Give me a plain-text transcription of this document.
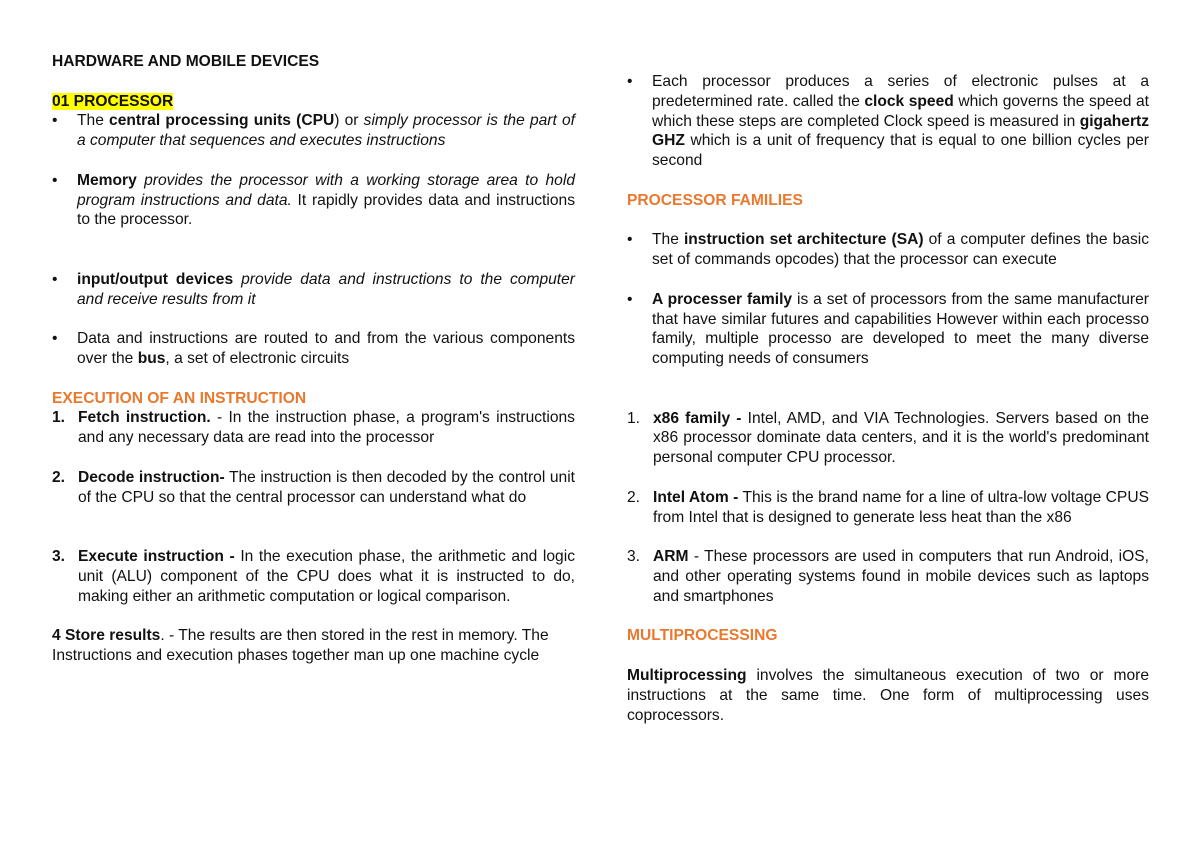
HARDWARE AND MOBILE DEVICES

01 PROCESSOR

• The central processing units (CPU) or simply processor is the part of a computer that sequences and executes instructions

• Memory provides the processor with a working storage area to hold program instructions and data. It rapidly provides data and instructions to the processor.

• input/output devices provide data and instructions to the computer and receive results from it

• Data and instructions are routed to and from the various components over the bus, a set of electronic circuits

EXECUTION OF AN INSTRUCTION

1. Fetch instruction. - In the instruction phase, a program's instructions and any necessary data are read into the processor

2. Decode instruction- The instruction is then decoded by the control unit of the CPU so that the central processor can understand what do

3. Execute instruction - In the execution phase, the arithmetic and logic unit (ALU) component of the CPU does what it is instructed to do, making either an arithmetic computation or logical comparison.

4 Store results. - The results are then stored in the rest in memory. The Instructions and execution phases together man up one machine cycle

• Each processor produces a series of electronic pulses at a predetermined rate. called the clock speed which governs the speed at which these steps are completed Clock speed is measured in gigahertz GHZ which is a unit of frequency that is equal to one billion cycles per second

PROCESSOR FAMILIES

• The instruction set architecture (SA) of a computer defines the basic set of commands opcodes) that the processor can execute

• A processer family is a set of processors from the same manufacturer that have similar futures and capabilities However within each processo family, multiple processo are developed to meet the many diverse computing needs of consumers

1. x86 family - Intel, AMD, and VIA Technologies. Servers based on the x86 processor dominate data centers, and it is the world's predominant personal computer CPU processor.

2. Intel Atom - This is the brand name for a line of ultra-low voltage CPUS from Intel that is designed to generate less heat than the x86

3. ARM - These processors are used in computers that run Android, iOS, and other operating systems found in mobile devices such as laptops and smartphones

MULTIPROCESSING

Multiprocessing involves the simultaneous execution of two or more instructions at the same time. One form of multiprocessing uses coprocessors.
